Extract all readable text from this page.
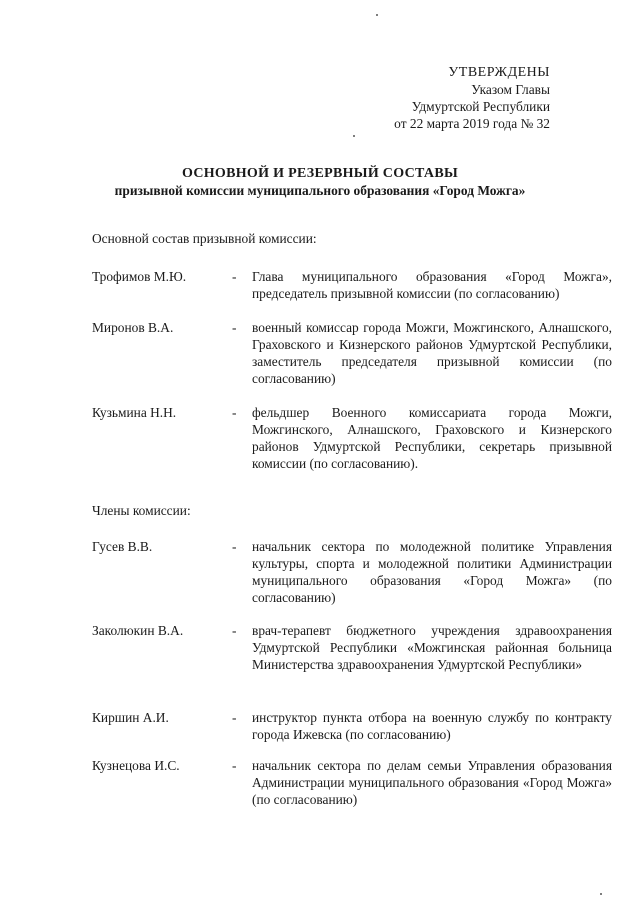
УТВЕРЖДЕНЫ
Указом Главы
Удмуртской Республики
от 22 марта 2019 года № 32
ОСНОВНОЙ И РЕЗЕРВНЫЙ СОСТАВЫ
призывной комиссии муниципального образования «Город Можга»
Основной состав призывной комиссии:
Трофимов М.Ю.	- Глава муниципального образования «Город Можга», председатель призывной комиссии (по согласованию)
Миронов В.А.	- военный комиссар города Можги, Можгинского, Алнашского, Граховского и Кизнерского районов Удмуртской Республики, заместитель председателя призывной комиссии (по согласованию)
Кузьмина Н.Н.	- фельдшер Военного комиссариата города Можги, Можгинского, Алнашского, Граховского и Кизнерского районов Удмуртской Республики, секретарь призывной комиссии (по согласованию).
Члены комиссии:
Гусев В.В.	- начальник сектора по молодежной политике Управления культуры, спорта и молодежной политики Администрации муниципального образования «Город Можга» (по согласованию)
Заколюкин В.А.	- врач-терапевт бюджетного учреждения здравоохранения Удмуртской Республики «Можгинская районная больница Министерства здравоохранения Удмуртской Республики»
Киршин А.И.	- инструктор пункта отбора на военную службу по контракту города Ижевска (по согласованию)
Кузнецова И.С.	- начальник сектора по делам семьи Управления образования Администрации муниципального образования «Город Можга» (по согласованию)
